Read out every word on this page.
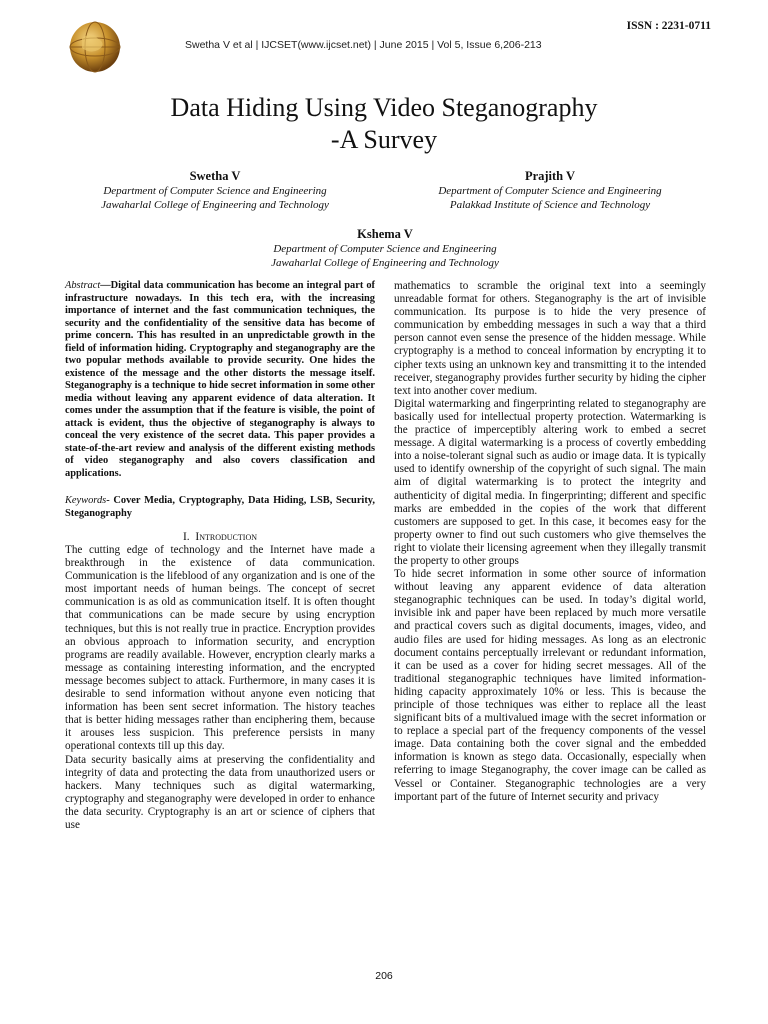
ISSN : 2231-0711
Swetha V et al | IJCSET(www.ijcset.net) | June 2015 | Vol 5, Issue 6,206-213
Data Hiding Using Video Steganography
-A Survey
Swetha V
Department of Computer Science and Engineering
Jawaharlal College of Engineering and Technology
Prajith V
Department of Computer Science and Engineering
Palakkad Institute of Science and Technology
Kshema V
Department of Computer Science and Engineering
Jawaharlal College of Engineering and Technology

Abstract—Digital data communication has become an integral part of infrastructure nowadays. In this tech era, with the increasing importance of internet and the fast communication techniques, the security and the confidentiality of the sensitive data has become of prime concern. This has resulted in an unpredictable growth in the field of information hiding. Cryptography and steganography are the two popular methods available to provide security. One hides the existence of the message and the other distorts the message itself. Steganography is a technique to hide secret information in some other media without leaving any apparent evidence of data alteration. It comes under the assumption that if the feature is visible, the point of attack is evident, thus the objective of steganography is always to conceal the very existence of the secret data. This paper provides a state-of-the-art review and analysis of the different existing methods of video steganography and also covers classification and applications.

Keywords- Cover Media, Cryptography, Data Hiding, LSB, Security, Steganography

I. Introduction

The cutting edge of technology and the Internet have made a breakthrough in the existence of data communication. Communication is the lifeblood of any organization and is one of the most important needs of human beings. The concept of secret communication is as old as communication itself. It is often thought that communications can be made secure by using encryption techniques, but this is not really true in practice. Encryption provides an obvious approach to information security, and encryption programs are readily available. However, encryption clearly marks a message as containing interesting information, and the encrypted message becomes subject to attack. Furthermore, in many cases it is desirable to send information without anyone even noticing that information has been sent secret information. The history teaches that is better hiding messages rather than enciphering them, because it arouses less suspicion. This preference persists in many operational contexts till up this day.

Data security basically aims at preserving the confidentiality and integrity of data and protecting the data from unauthorized users or hackers. Many techniques such as digital watermarking, cryptography and steganography were developed in order to enhance the data security. Cryptography is an art or science of ciphers that use

mathematics to scramble the original text into a seemingly unreadable format for others. Steganography is the art of invisible communication. Its purpose is to hide the very presence of communication by embedding messages in such a way that a third person cannot even sense the presence of the hidden message. While cryptography is a method to conceal information by encrypting it to cipher texts using an unknown key and transmitting it to the intended receiver, steganography provides further security by hiding the cipher text into another cover medium.

Digital watermarking and fingerprinting related to steganography are basically used for intellectual property protection. Watermarking is the practice of imperceptibly altering work to embed a secret message. A digital watermarking is a process of covertly embedding into a noise-tolerant signal such as audio or image data. It is typically used to identify ownership of the copyright of such signal. The main aim of digital watermarking is to protect the integrity and authenticity of digital media. In fingerprinting; different and specific marks are embedded in the copies of the work that different customers are supposed to get. In this case, it becomes easy for the property owner to find out such customers who give themselves the right to violate their licensing agreement when they illegally transmit the property to other groups

To hide secret information in some other source of information without leaving any apparent evidence of data alteration steganographic techniques can be used. In today’s digital world, invisible ink and paper have been replaced by much more versatile and practical covers such as digital documents, images, video, and audio files are used for hiding messages. As long as an electronic document contains perceptually irrelevant or redundant information, it can be used as a cover for hiding secret messages. All of the traditional steganographic techniques have limited information-hiding capacity approximately 10% or less. This is because the principle of those techniques was either to replace all the least significant bits of a multivalued image with the secret information or to replace a special part of the frequency components of the vessel image. Data containing both the cover signal and the embedded information is known as stego data. Occasionally, especially when referring to image Steganography, the cover image can be called as Vessel or Container. Steganographic technologies are a very important part of the future of Internet security and privacy

206
